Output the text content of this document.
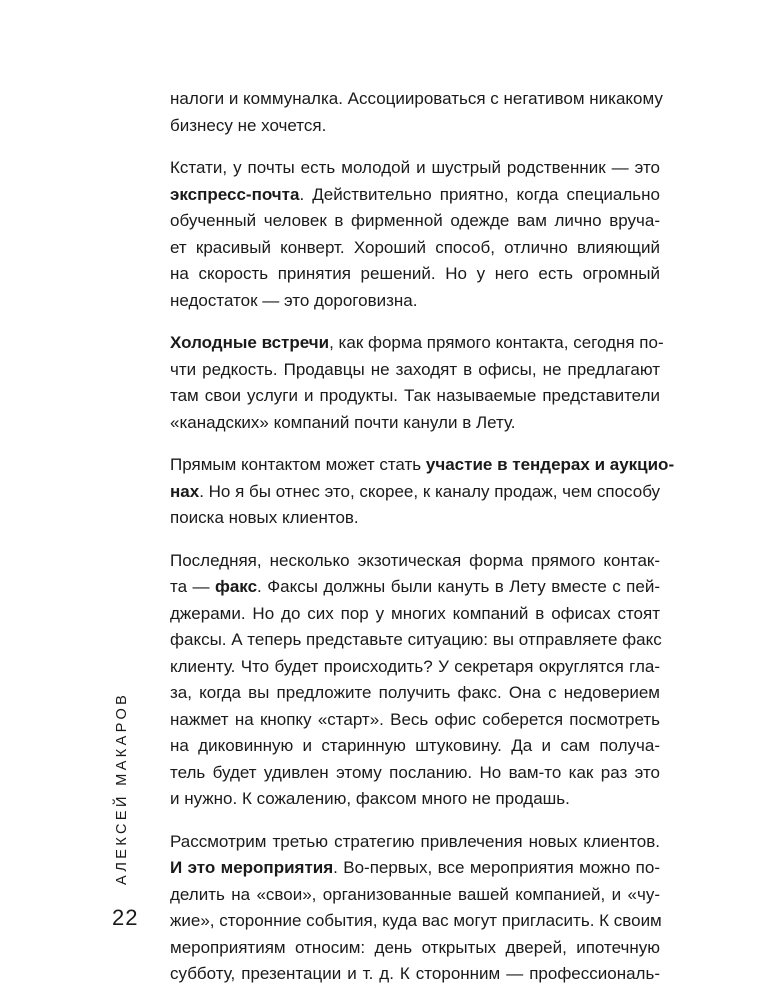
налоги и коммуналка. Ассоциироваться с негативом никакому
бизнесу не хочется.
Кстати, у почты есть молодой и шустрый родственник — это
экспресс-почта. Действительно приятно, когда специально
обученный человек в фирменной одежде вам лично вруча-
ет красивый конверт. Хороший способ, отлично влияющий
на скорость принятия решений. Но у него есть огромный
недостаток — это дороговизна.
Холодные встречи, как форма прямого контакта, сегодня по-
чти редкость. Продавцы не заходят в офисы, не предлагают
там свои услуги и продукты. Так называемые представители
«канадских» компаний почти канули в Лету.
Прямым контактом может стать участие в тендерах и аукцио-
нах. Но я бы отнес это, скорее, к каналу продаж, чем способу
поиска новых клиентов.
Последняя, несколько экзотическая форма прямого контак-
та — факс. Факсы должны были кануть в Лету вместе с пей-
джерами. Но до сих пор у многих компаний в офисах стоят
факсы. А теперь представьте ситуацию: вы отправляете факс
клиенту. Что будет происходить? У секретаря округлятся гла-
за, когда вы предложите получить факс. Она с недоверием
нажмет на кнопку «старт». Весь офис соберется посмотреть
на диковинную и старинную штуковину. Да и сам получа-
тель будет удивлен этому посланию. Но вам-то как раз это
и нужно. К сожалению, факсом много не продашь.
Рассмотрим третью стратегию привлечения новых клиентов.
И это мероприятия. Во-первых, все мероприятия можно по-
делить на «свои», организованные вашей компанией, и «чу-
жие», сторонние события, куда вас могут пригласить. К своим
мероприятиям относим: день открытых дверей, ипотечную
субботу, презентации и т. д. К сторонним — профессиональ-
АЛЕКСЕЙ МАКАРОВ
22
